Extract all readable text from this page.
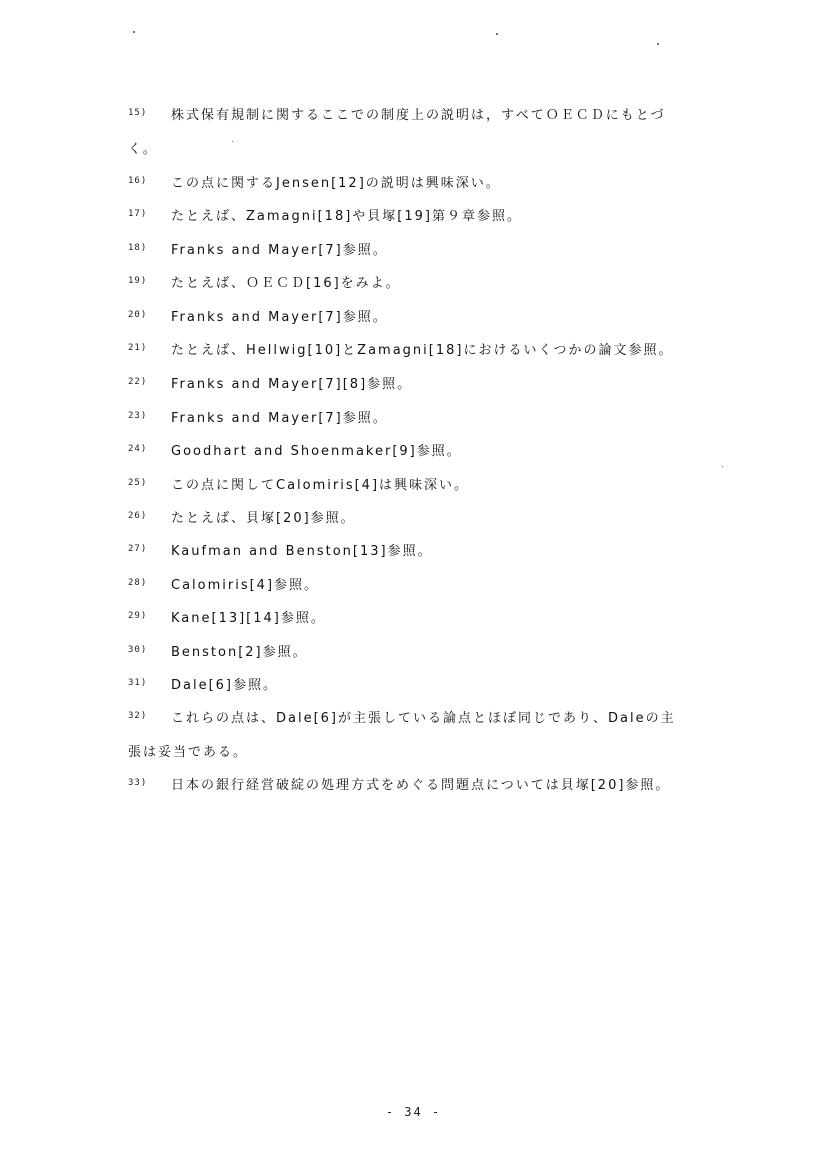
15) 株式保有規制に関するここでの制度上の説明は，すべてＯＥＣＤにもとづ
く。
16) この点に関するJensen[12]の説明は興味深い。
17) たとえば、Zamagni[18]や貝塚[19]第９章参照。
18) Franks and Mayer[7]参照。
19) たとえば、ＯＥＣＤ[16]をみよ。
20) Franks and Mayer[7]参照。
21) たとえば、Hellwig[10]とZamagni[18]におけるいくつかの論文参照。
22) Franks and Mayer[7][8]参照。
23) Franks and Mayer[7]参照。
24) Goodhart and Shoenmaker[9]参照。
25) この点に関してCalomiris[4]は興味深い。
26) たとえば、貝塚[20]参照。
27) Kaufman and Benston[13]参照。
28) Calomiris[4]参照。
29) Kane[13][14]参照。
30) Benston[2]参照。
31) Dale[6]参照。
32) これらの点は、Dale[6]が主張している論点とほぼ同じであり、Daleの主
張は妥当である。
33) 日本の銀行経営破綻の処理方式をめぐる問題点については貝塚[20]参照。
- 34 -
